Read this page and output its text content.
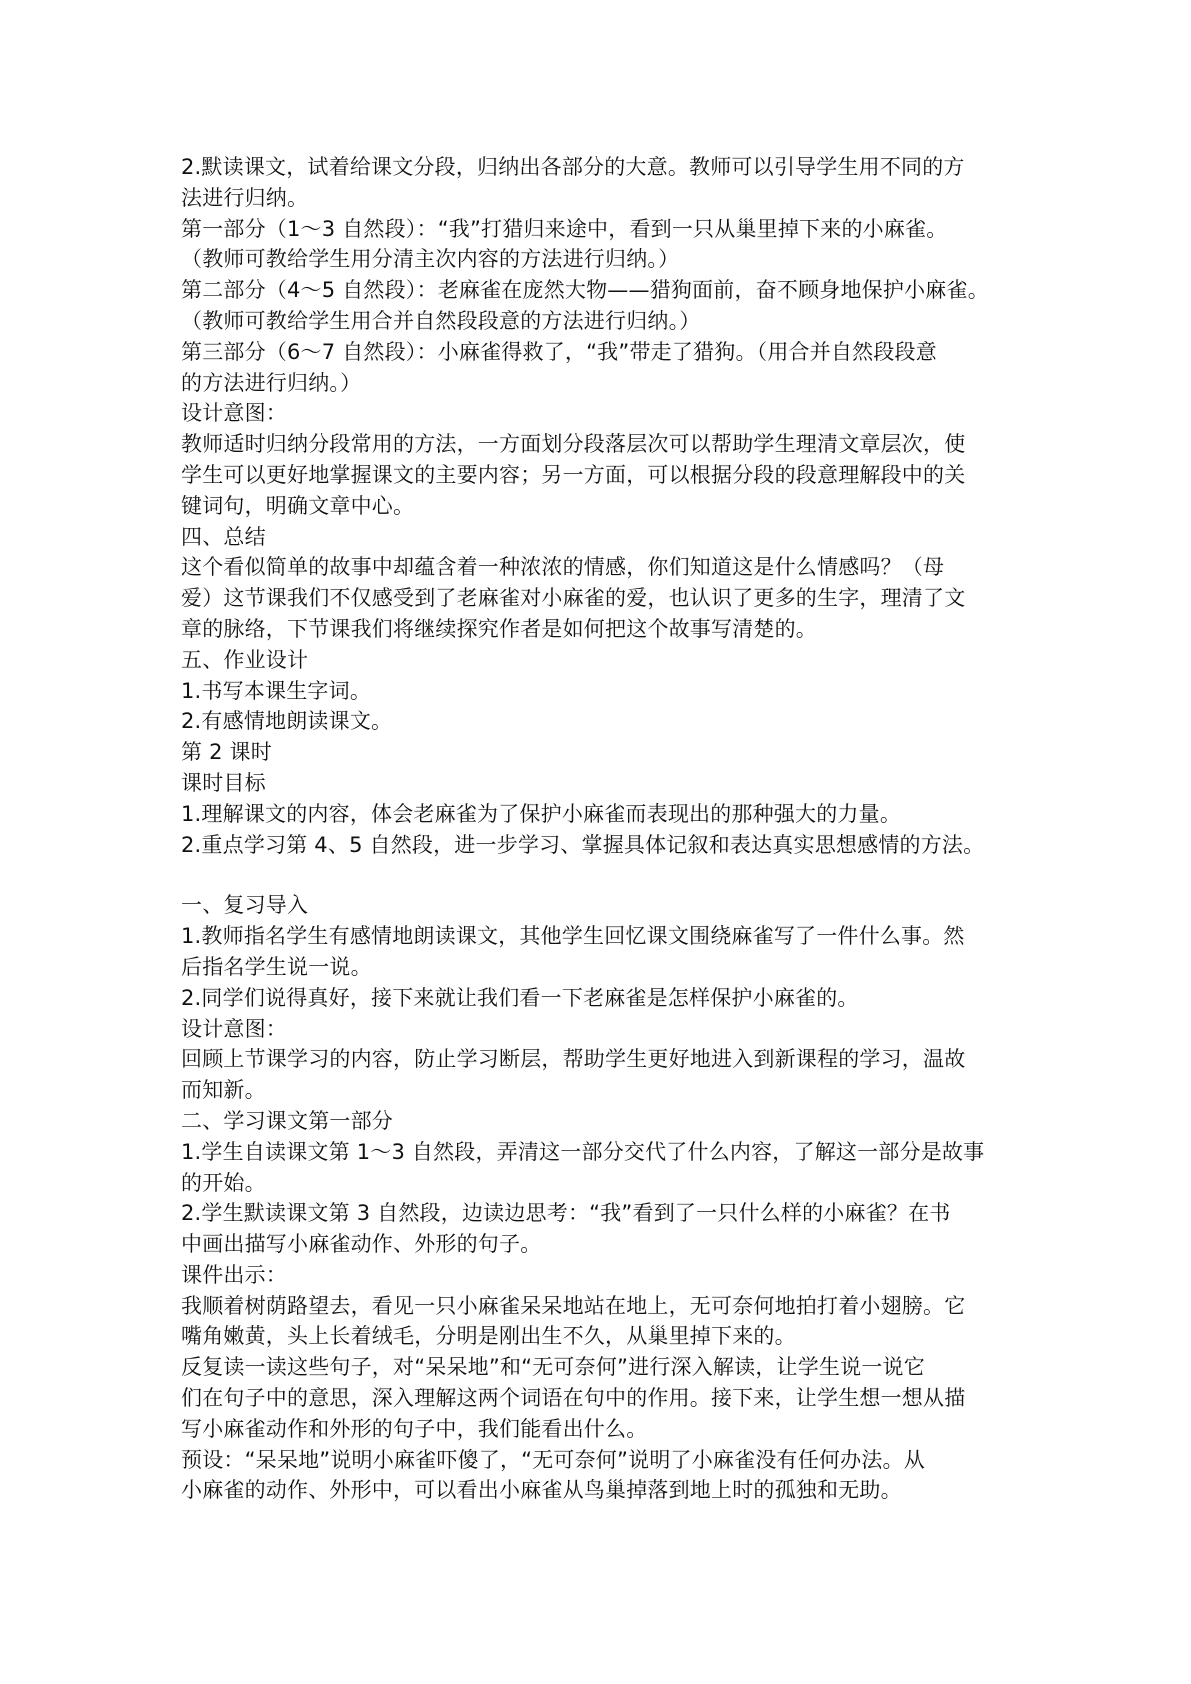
2.默读课文，试着给课文分段，归纳出各部分的大意。教师可以引导学生用不同的方

法进行归纳。

第一部分（1～3 自然段）：“我”打猎归来途中，看到一只从巢里掉下来的小麻雀。

（教师可教给学生用分清主次内容的方法进行归纳。）

第二部分（4～5 自然段）：老麻雀在庞然大物——猎狗面前，奋不顾身地保护小麻雀。

（教师可教给学生用合并自然段段意的方法进行归纳。）

第三部分（6～7 自然段）：小麻雀得救了，“我”带走了猎狗。（用合并自然段段意

的方法进行归纳。）

设计意图：

教师适时归纳分段常用的方法，一方面划分段落层次可以帮助学生理清文章层次，使

学生可以更好地掌握课文的主要内容；另一方面，可以根据分段的段意理解段中的关

键词句，明确文章中心。

四、总结

这个看似简单的故事中却蕴含着一种浓浓的情感，你们知道这是什么情感吗？（母

爱）这节课我们不仅感受到了老麻雀对小麻雀的爱，也认识了更多的生字，理清了文

章的脉络，下节课我们将继续探究作者是如何把这个故事写清楚的。

五、作业设计

1.书写本课生字词。

2.有感情地朗读课文。

第 2 课时

课时目标

1.理解课文的内容，体会老麻雀为了保护小麻雀而表现出的那种强大的力量。

2.重点学习第 4、5 自然段，进一步学习、掌握具体记叙和表达真实思想感情的方法。

一、复习导入

1.教师指名学生有感情地朗读课文，其他学生回忆课文围绕麻雀写了一件什么事。然

后指名学生说一说。

2.同学们说得真好，接下来就让我们看一下老麻雀是怎样保护小麻雀的。

设计意图：

回顾上节课学习的内容，防止学习断层，帮助学生更好地进入到新课程的学习，温故

而知新。

二、学习课文第一部分

1.学生自读课文第 1～3 自然段，弄清这一部分交代了什么内容，了解这一部分是故事

的开始。

2.学生默读课文第 3 自然段，边读边思考：“我”看到了一只什么样的小麻雀？在书

中画出描写小麻雀动作、外形的句子。

课件出示：

我顺着树荫路望去，看见一只小麻雀呆呆地站在地上，无可奈何地拍打着小翅膀。它

嘴角嫩黄，头上长着绒毛，分明是刚出生不久，从巢里掉下来的。

反复读一读这些句子，对“呆呆地”和“无可奈何”进行深入解读，让学生说一说它

们在句子中的意思，深入理解这两个词语在句中的作用。接下来，让学生想一想从描

写小麻雀动作和外形的句子中，我们能看出什么。

预设：“呆呆地”说明小麻雀吓傻了，“无可奈何”说明了小麻雀没有任何办法。从

小麻雀的动作、外形中，可以看出小麻雀从鸟巢掉落到地上时的孤独和无助。
